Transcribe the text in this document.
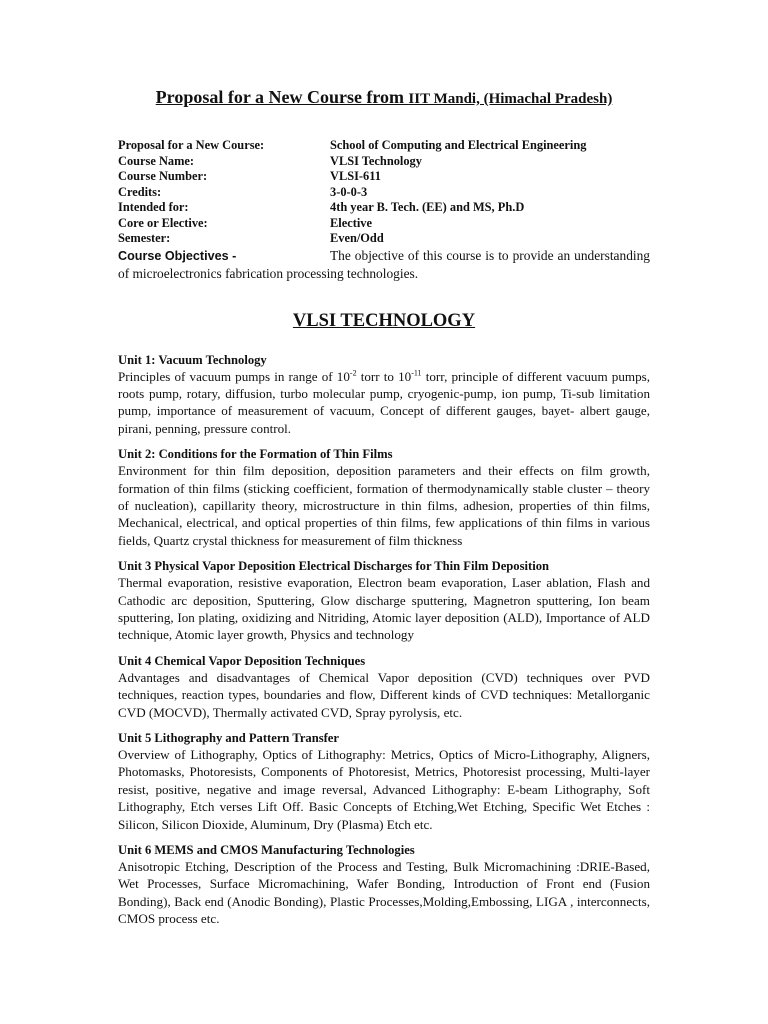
Proposal for a New Course from IIT Mandi, (Himachal Pradesh)
Proposal for a New Course:	School of Computing and Electrical Engineering
Course Name:	VLSI Technology
Course Number:	VLSI-611
Credits:	3-0-0-3
Intended for:	4th year B. Tech. (EE) and MS, Ph.D
Core or Elective:	Elective
Semester:	Even/Odd

Course Objectives -	The objective of this course is to provide an understanding of microelectronics fabrication processing technologies.

VLSI TECHNOLOGY

Unit 1: Vacuum Technology

Principles of vacuum pumps in range of $10^{-2}$ torr to $10^{-11}$ torr, principle of different vacuum pumps, roots pump, rotary, diffusion, turbo molecular pump, cryogenic-pump, ion pump, Ti-sub limitation pump, importance of measurement of vacuum, Concept of different gauges, bayet- albert gauge, pirani, penning, pressure control.

Unit 2: Conditions for the Formation of Thin Films

Environment for thin film deposition, deposition parameters and their effects on film growth, formation of thin films (sticking coefficient, formation of thermodynamically stable cluster – theory of nucleation), capillarity theory, microstructure in thin films, adhesion, properties of thin films, Mechanical, electrical, and optical properties of thin films, few applications of thin films in various fields, Quartz crystal thickness for measurement of film thickness

Unit 3 Physical Vapor Deposition Electrical Discharges for Thin Film Deposition

Thermal evaporation, resistive evaporation, Electron beam evaporation, Laser ablation, Flash and Cathodic arc deposition, Sputtering, Glow discharge sputtering, Magnetron sputtering, Ion beam sputtering, Ion plating, oxidizing and Nitriding, Atomic layer deposition (ALD), Importance of ALD technique, Atomic layer growth, Physics and technology

Unit 4 Chemical Vapor Deposition Techniques

Advantages and disadvantages of Chemical Vapor deposition (CVD) techniques over PVD techniques, reaction types, boundaries and flow, Different kinds of CVD techniques: Metallorganic CVD (MOCVD), Thermally activated CVD, Spray pyrolysis, etc.

Unit 5 Lithography and Pattern Transfer

Overview of Lithography, Optics of Lithography: Metrics, Optics of Micro-Lithography, Aligners, Photomasks, Photoresists, Components of Photoresist, Metrics, Photoresist processing, Multi-layer resist, positive, negative and image reversal, Advanced Lithography: E-beam Lithography, Soft Lithography, Etch verses Lift Off. Basic Concepts of Etching,Wet Etching, Specific Wet Etches : Silicon, Silicon Dioxide, Aluminum, Dry (Plasma) Etch etc.

Unit 6 MEMS and CMOS Manufacturing Technologies

Anisotropic Etching, Description of the Process and Testing, Bulk Micromachining :DRIE-Based, Wet Processes, Surface Micromachining, Wafer Bonding, Introduction of Front end (Fusion Bonding), Back end (Anodic Bonding), Plastic Processes,Molding,Embossing, LIGA , interconnects, CMOS process etc.
